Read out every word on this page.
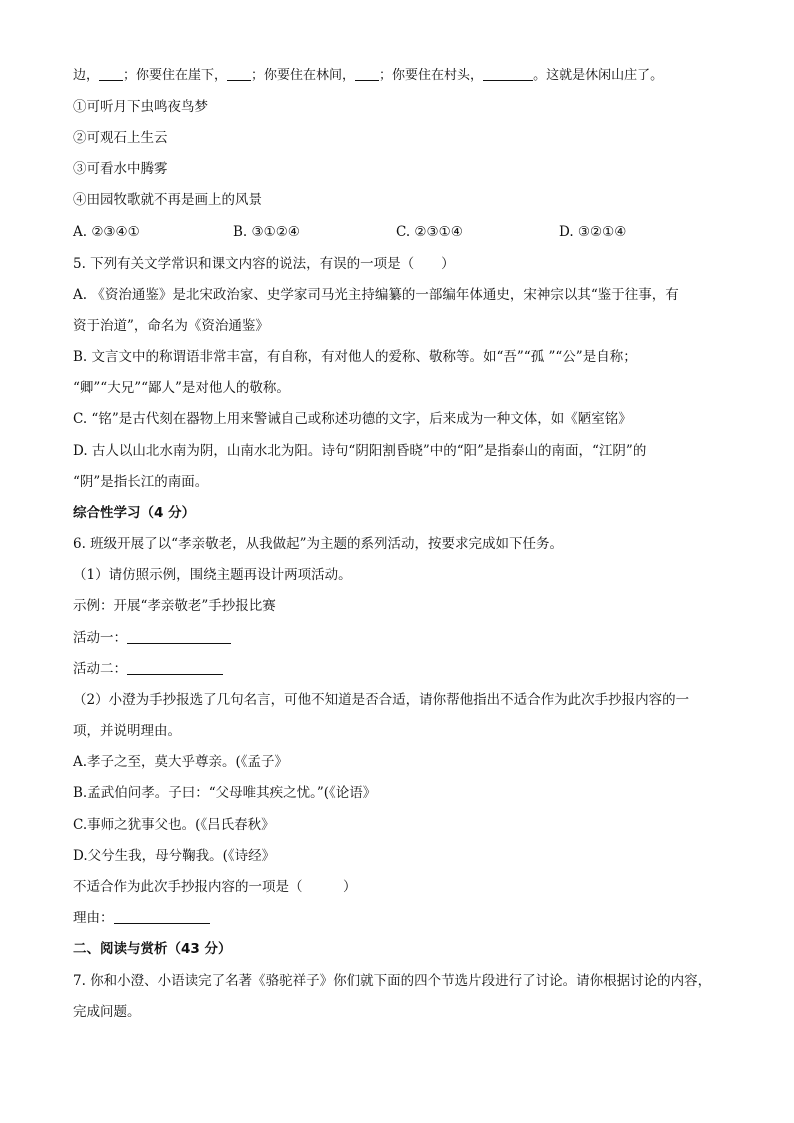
边， ；你要住在崖下， ；你要住在林间， ；你要住在村头，	。这就是休闲山庄了。
①可听月下虫鸣夜鸟梦
②可观石上生云
③可看水中腾雾
④田园牧歌就不再是画上的风景
A. ②③④①	B. ③①②④	C. ②③①④	D. ③②①④
5. 下列有关文学常识和课文内容的说法，有误的一项是（　　）
A. 《资治通鉴》是北宋政治家、史学家司马光主持编纂的一部编年体通史，宋神宗以其“鉴于往事，有
资于治道”，命名为《资治通鉴》
B. 文言文中的称谓语非常丰富，有自称，有对他人的爱称、敬称等。如“吾”“孤 ”“公”是自称；
“卿”“大兄”“鄙人”是对他人的敬称。
C. “铭”是古代刻在器物上用来警诫自己或称述功德的文字，后来成为一种文体，如《陋室铭》
D. 古人以山北水南为阴，山南水北为阳。诗句“阴阳割昏晓”中的“阳”是指泰山的南面，“江阴”的
“阴”是指长江的南面。
综合性学习（4 分）
6. 班级开展了以“孝亲敬老，从我做起”为主题的系列活动，按要求完成如下任务。
（1）请仿照示例，围绕主题再设计两项活动。
示例：开展“孝亲敬老”手抄报比赛
活动一：
活动二：
（2）小澄为手抄报选了几句名言，可他不知道是否合适，请你帮他指出不适合作为此次手抄报内容的一
项，并说明理由。
A.孝子之至，莫大乎尊亲。(《孟子》
B.孟武伯问孝。子曰：“父母唯其疾之忧。”(《论语》
C.事师之犹事父也。(《吕氏春秋》
D.父兮生我，母兮鞠我。(《诗经》
不适合作为此次手抄报内容的一项是（　　　）
理由：
二、阅读与赏析（43 分）
7. 你和小澄、小语读完了名著《骆驼祥子》你们就下面的四个节选片段进行了讨论。请你根据讨论的内容，
完成问题。
